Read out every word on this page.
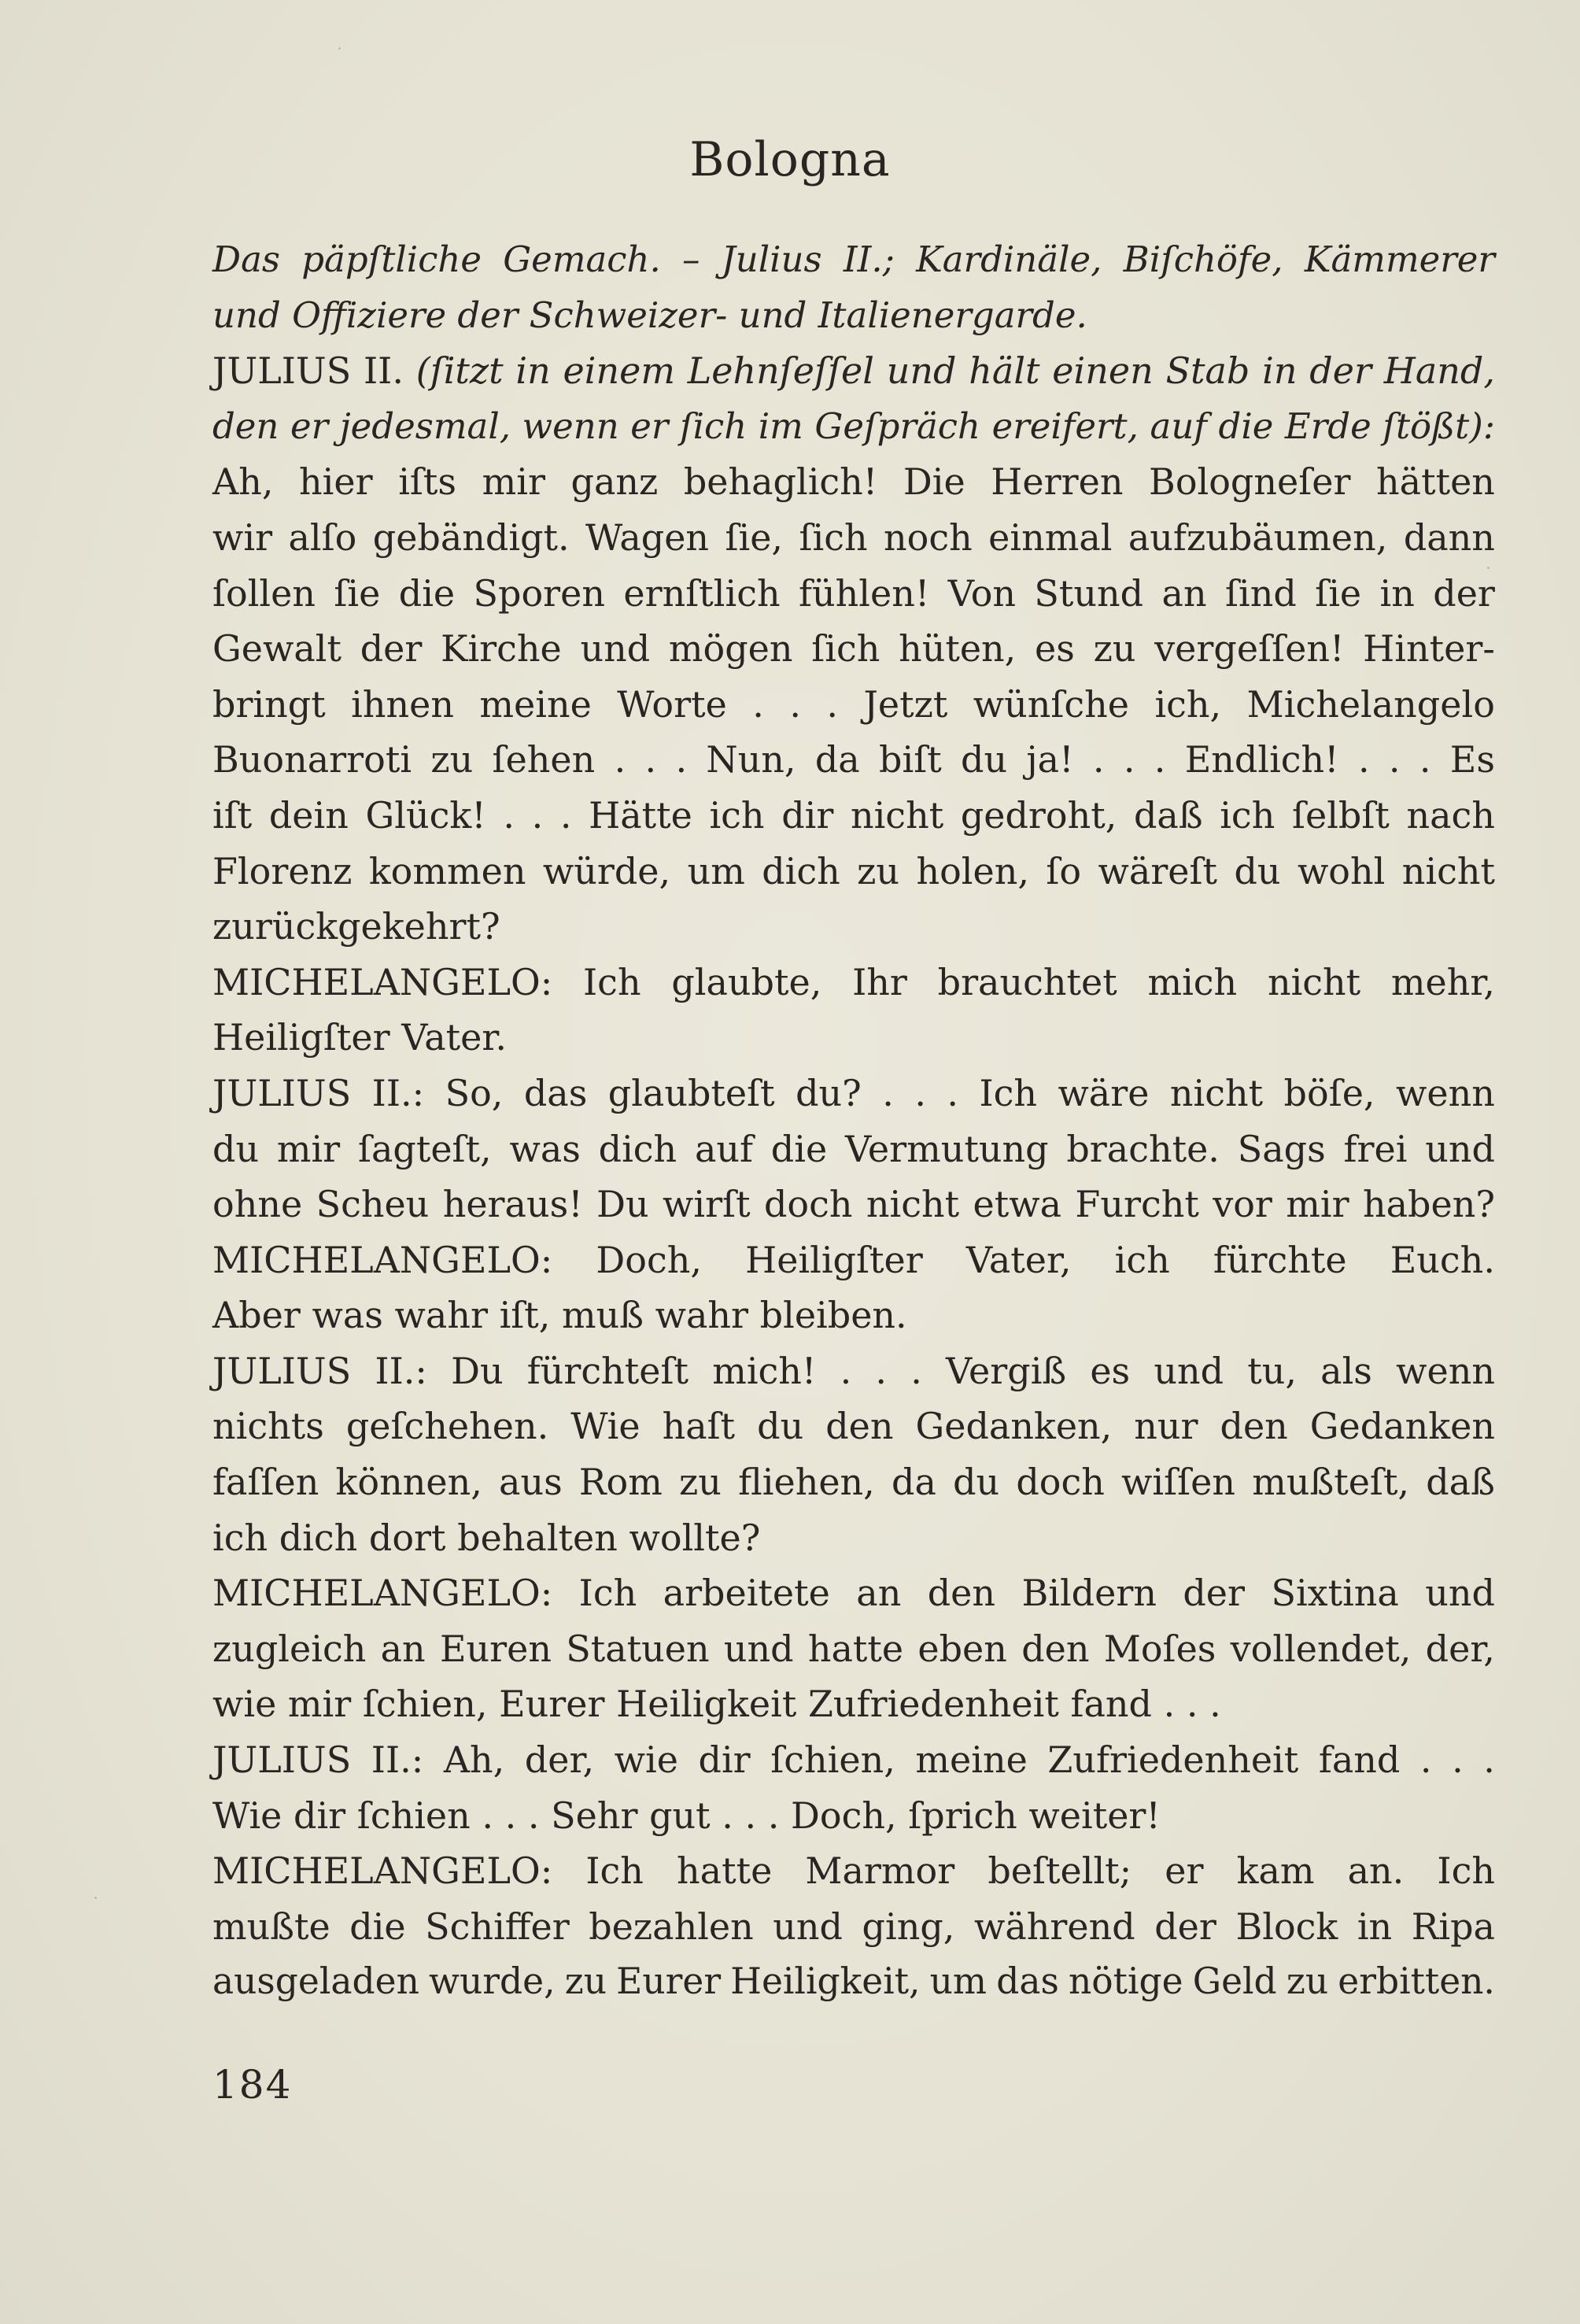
Bologna
Das päpſtliche Gemach. – Julius II.; Kardinäle, Biſchöfe, Kämmerer
und Offiziere der Schweizer- und Italienergarde.
JULIUS II. (ſitzt in einem Lehnſeſſel und hält einen Stab in der Hand,
den er jedesmal, wenn er ſich im Geſpräch ereifert, auf die Erde ſtößt):
Ah, hier iſts mir ganz behaglich! Die Herren Bologneſer hätten
wir alſo gebändigt. Wagen ſie, ſich noch einmal aufzubäumen, dann
ſollen ſie die Sporen ernſtlich fühlen! Von Stund an ſind ſie in der
Gewalt der Kirche und mögen ſich hüten, es zu vergeſſen! Hinter-
bringt ihnen meine Worte . . . Jetzt wünſche ich, Michelangelo
Buonarroti zu ſehen . . . Nun, da biſt du ja! . . . Endlich! . . . Es
iſt dein Glück! . . . Hätte ich dir nicht gedroht, daß ich ſelbſt nach
Florenz kommen würde, um dich zu holen, ſo wäreſt du wohl nicht
zurückgekehrt?
MICHELANGELO: Ich glaubte, Ihr brauchtet mich nicht mehr,
Heiligſter Vater.
JULIUS II.: So, das glaubteſt du? . . . Ich wäre nicht böſe, wenn
du mir ſagteſt, was dich auf die Vermutung brachte. Sags frei und
ohne Scheu heraus! Du wirſt doch nicht etwa Furcht vor mir haben?
MICHELANGELO: Doch, Heiligſter Vater, ich fürchte Euch.
Aber was wahr iſt, muß wahr bleiben.
JULIUS II.: Du fürchteſt mich! . . . Vergiß es und tu, als wenn
nichts geſchehen. Wie haſt du den Gedanken, nur den Gedanken
faſſen können, aus Rom zu fliehen, da du doch wiſſen mußteſt, daß
ich dich dort behalten wollte?
MICHELANGELO: Ich arbeitete an den Bildern der Sixtina und
zugleich an Euren Statuen und hatte eben den Moſes vollendet, der,
wie mir ſchien, Eurer Heiligkeit Zufriedenheit fand . . .
JULIUS II.: Ah, der, wie dir ſchien, meine Zufriedenheit fand . . .
Wie dir ſchien . . . Sehr gut . . . Doch, ſprich weiter!
MICHELANGELO: Ich hatte Marmor beſtellt; er kam an. Ich
mußte die Schiffer bezahlen und ging, während der Block in Ripa
ausgeladen wurde, zu Eurer Heiligkeit, um das nötige Geld zu erbitten.
184
